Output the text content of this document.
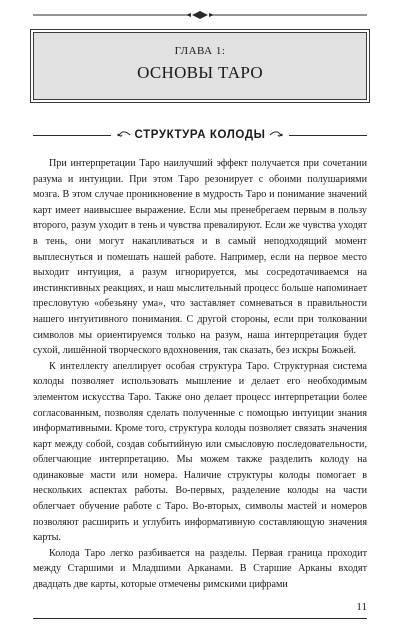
ГЛАВА 1:
ОСНОВЫ ТАРО
СТРУКТУРА КОЛОДЫ

При интерпретации Таро наилучший эффект получается при сочетании разума и интуиции. При этом Таро резонирует с обоими полушариями мозга. В этом случае проникновение в мудрость Таро и понимание значений карт имеет наивысшее выражение. Если мы пренебрегаем первым в пользу второго, разум уходит в тень и чувства превалируют. Если же чувства уходят в тень, они могут накапливаться и в самый неподходящий момент выплеснуться и помешать нашей работе. Например, если на первое место выходит интуиция, а разум игнорируется, мы сосредотачиваемся на инстинктивных реакциях, и наш мыслительный процесс больше напоминает пресловутую «обезьяну ума», что заставляет сомневаться в правильности нашего интуитивного понимания. С другой стороны, если при толковании символов мы ориентируемся только на разум, наша интерпретация будет сухой, лишённой творческого вдохновения, так сказать, без искры Божьей.

К интеллекту апеллирует особая структура Таро. Структурная система колоды позволяет использовать мышление и делает его необходимым элементом искусства Таро. Также оно делает процесс интерпретации более согласованным, позволяя сделать полученные с помощью интуиции знания информативными. Кроме того, структура колоды позволяет связать значения карт между собой, создав событийную или смысловую последовательности, облегчающие интерпретацию. Мы можем также разделить колоду на одинаковые масти или номера. Наличие структуры колоды помогает в нескольких аспектах работы. Во-первых, разделение колоды на части облегчает обучение работе с Таро. Во-вторых, символы мастей и номеров позволяют расширить и углубить информативную составляющую значения карты.

Колода Таро легко разбивается на разделы. Первая граница проходит между Старшими и Младшими Арканами. В Старшие Арканы входят двадцать две карты, которые отмечены римскими цифрами

11
